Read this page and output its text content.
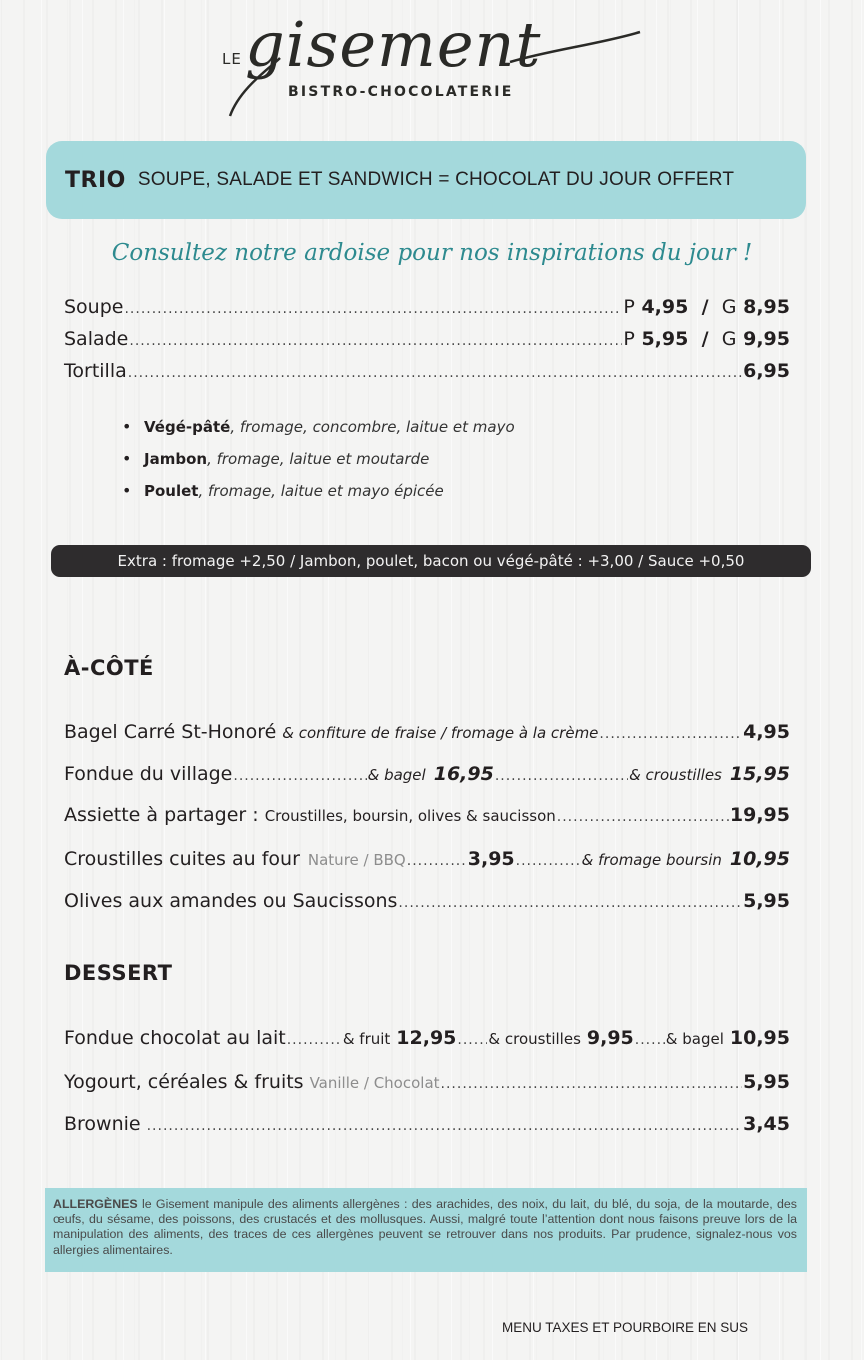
LE gisement
BISTRO-CHOCOLATERIE
TRIO SOUPE, SALADE ET SANDWICH = CHOCOLAT DU JOUR OFFERT
Consultez notre ardoise pour nos inspirations du jour !
Soupe .....	P 4,95 / G 8,95
Salade .....	P 5,95 / G 9,95
Tortilla .....	6,95
• Végé-pâté , fromage, concombre, laitue et mayo
• Jambon , fromage, laitue et moutarde
• Poulet , fromage, laitue et mayo épicée
Extra : fromage +2,50 / Jambon, poulet, bacon ou végé-pâté : +3,00 / Sauce +0,50
À-CÔTÉ
Bagel Carré St-Honoré & confiture de fraise / fromage à la crème .....	4,95
Fondue du village .....	& bagel 16,95 .....	& croustilles 15,95
Assiette à partager : Croustilles, boursin, olives & saucisson .....	19,95
Croustilles cuites au four Nature / BBQ .....	3,95 .....	& fromage boursin 10,95
Olives aux amandes ou Saucissons .....	5,95
DESSERT
Fondue chocolat au lait .....	& fruit 12,95 ..... & croustilles 9,95 ..... & bagel 10,95
Yogourt, céréales & fruits Vanille / Chocolat .....	5,95
Brownie .....	3,45
ALLERGÈNES le Gisement manipule des aliments allergènes : des arachides, des noix, du lait, du blé, du soja, de la moutarde, des œufs, du sésame, des poissons, des crustacés et des mollusques. Aussi, malgré toute l’attention dont nous faisons preuve lors de la manipulation des aliments, des traces de ces allergènes peuvent se retrouver dans nos produits. Par prudence, signalez-nous vos allergies alimentaires.
MENU TAXES ET POURBOIRE EN SUS
